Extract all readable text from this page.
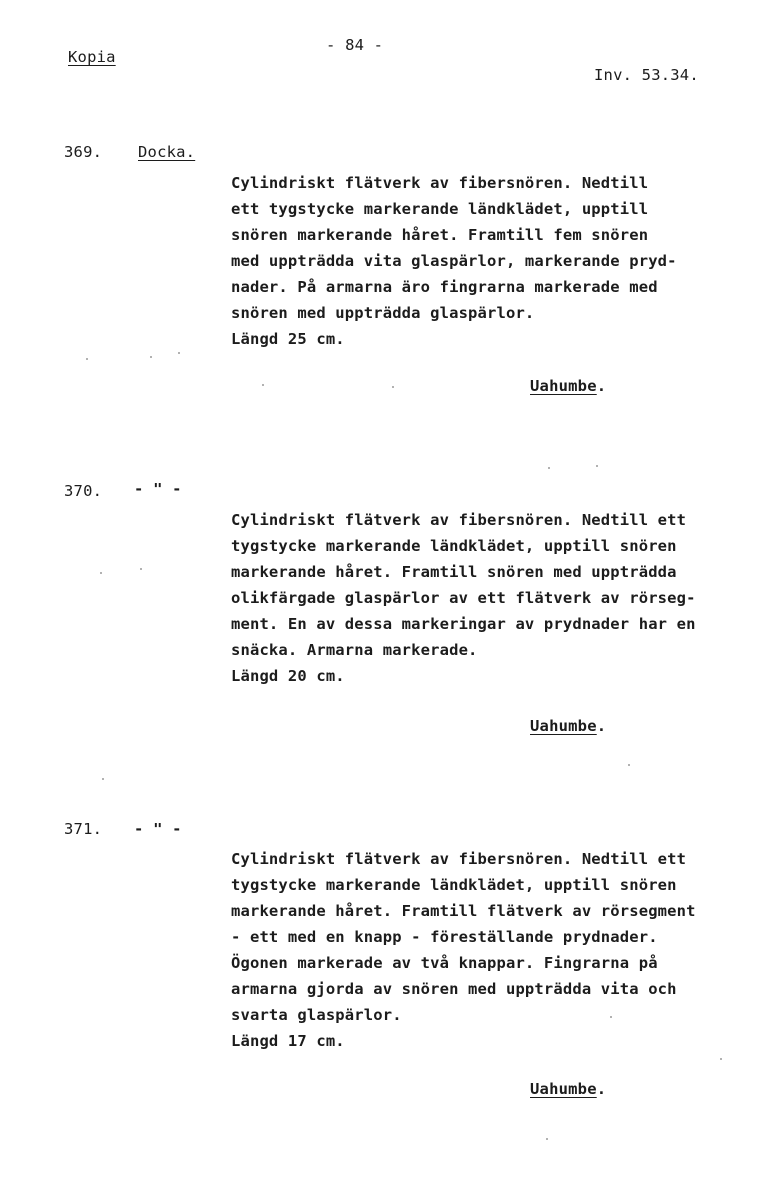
Kopia
- 84 -
Inv. 53.34.
369. Docka.
Cylindriskt flätverk av fibersnören. Nedtill
ett tygstycke markerande ländklädet, upptill
snören markerande håret. Framtill fem snören
med uppträdda vita glaspärlor, markerande pryd-
nader. På armarna äro fingrarna markerade med
snören med uppträdda glaspärlor.
Längd 25 cm.
Uahumbe.
370. - " -
Cylindriskt flätverk av fibersnören. Nedtill ett
tygstycke markerande ländklädet, upptill snören
markerande håret. Framtill snören med uppträdda
olikfärgade glaspärlor av ett flätverk av rörseg-
ment. En av dessa markeringar av prydnader har en
snäcka. Armarna markerade.
Längd 20 cm.
Uahumbe.
371. - " -
Cylindriskt flätverk av fibersnören. Nedtill ett
tygstycke markerande ländklädet, upptill snören
markerande håret. Framtill flätverk av rörsegment
- ett med en knapp - föreställande prydnader.
Ögonen markerade av två knappar. Fingrarna på
armarna gjorda av snören med uppträdda vita och
svarta glaspärlor.
Längd 17 cm.
Uahumbe.
